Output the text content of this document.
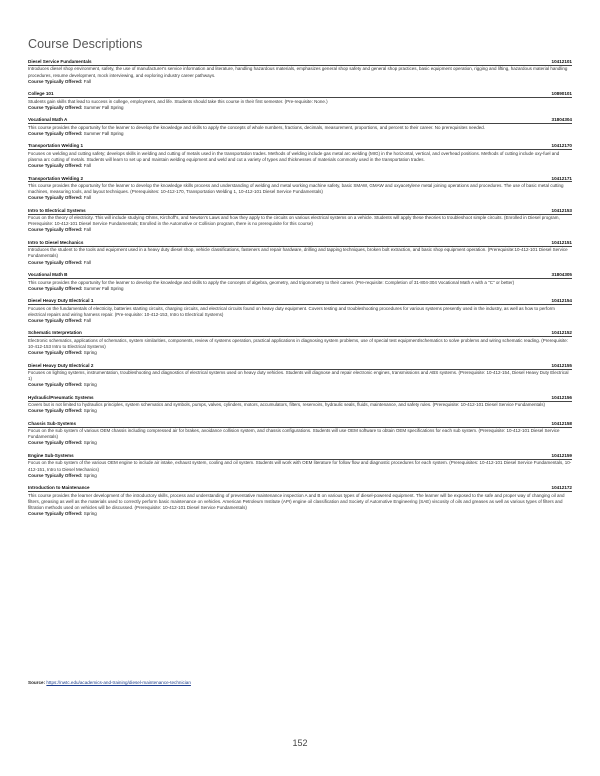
Course Descriptions
Diesel Service Fundamentals	10412101
Introduces diesel shop environment, safety, the use of manufacturer's service information and literature, handling hazardous materials, emphasizes general shop safety and general shop practices, basic equipment operation, rigging and lifting, hazardous material handling procedures, resume development, mock interviewing, and exploring industry career pathways.
Course Typically Offered: Fall
College 101	10890101
Students gain skills that lead to success in college, employment, and life. Students should take this course in their first semester. (Pre-requisite: None.)
Course Typically Offered: Summer Fall Spring
Vocational Math A	31804304
This course provides the opportunity for the learner to develop the knowledge and skills to apply the concepts of whole numbers, fractions, decimals, measurement, proportions, and percent to their career. No prerequisites needed.
Course Typically Offered: Summer Fall Spring
Transportation Welding 1	10412170
Focuses on welding and cutting safety; develops skills in welding and cutting of metals used in the transportation trades. Methods of welding include gas metal arc welding (MIG) in the horizontal, vertical, and overhead positions. Methods of cutting include oxy-fuel and plasma arc cutting of metals. Students will learn to set up and maintain welding equipment and weld and cut a variety of types and thicknesses of materials commonly used in the transportation trades.
Course Typically Offered: Fall
Transportation Welding 2	10412171
This course provides the opportunity for the learner to develop the knowledge skills process and understanding of welding and metal working machine safety, basic SMAW, GMAW and oxyacetylene metal joining operations and procedures. The use of basic metal cutting machines, measuring tools, and layout techniques. (Prerequisites: 10-412-170, Transportation Welding 1, 10-412-101 Diesel Service Fundamentals)
Course Typically Offered: Fall
Intro to Electrical Systems	10412153
Focus on the theory of electricity. This will include studying Ohms, Kirchoff's, and Newton's Laws and how they apply to the circuits on various electrical systems on a vehicle. Students will apply these theories to troubleshoot simple circuits. (Enrolled in Diesel program, Prerequisite: 10-412-101 Diesel Service Fundamentals; Enrolled in the Automotive or Collision program, there is no prerequisite for this course)
Course Typically Offered: Fall
Intro to Diesel Mechanics	10412151
Introduces the student to the tools and equipment used in a heavy duty diesel shop, vehicle classifications, fasteners and repair hardware, drilling and tapping techniques, broken bolt extraction, and basic shop equipment operation. (Prerequisite:10-412-101 Diesel Service Fundamentals)
Course Typically Offered: Fall
Vocational Math B	31804305
This course provides the opportunity for the learner to develop the knowledge and skills to apply the concepts of algebra, geometry, and trigonometry to their career. (Pre-requisite: Completion of 31-804-304 Vocational Math A with a "C" or better)
Course Typically Offered: Summer Fall Spring
Diesel Heavy Duty Electrical 1	10412154
Focuses on the fundamentals of electricity, batteries starting circuits, charging circuits, and electrical circuits found on heavy duty equipment. Covers testing and troubleshooting procedures for various systems presently used in the industry, as well as how to perform electrical repairs and wiring harness repair. (Pre-requisite: 10-412-153, Intro to Electrical Systems)
Course Typically Offered: Fall
Schematic Interpretation	10412152
Electronic schematics, applications of schematics, system similarities, components, review of systems operation, practical applications in diagnosing system problems, use of special test equipment/schematics to solve problems and wiring schematic reading. (Prerequisite: 10-412-153 Intro to Electrical Systems)
Course Typically Offered: Spring
Diesel Heavy Duty Electrical 2	10412155
Focuses on lighting systems, instrumentation, troubleshooting and diagnostics of electrical systems used on heavy duty vehicles. Students will diagnose and repair electronic engines, transmissions and ABS systems. (Prerequisite: 10-412-154, Diesel Heavy Duty Electrical 1)
Course Typically Offered: Spring
Hydraulic/Pneumatic Systems	10412156
Covers but is not limited to hydraulics principles, system schematics and symbols, pumps, valves, cylinders, motors, accumulators, filters, reservoirs, hydraulic seals, fluids, maintenance, and safety rules. (Prerequisite: 10-412-101 Diesel Service Fundamentals)
Course Typically Offered: Spring
Chassis Sub-Systems	10412158
Focus on the sub system of various OEM chassis including compressed air for brakes, avoidance collision system, and chassis configurations. Students will use OEM software to obtain OEM specifications for each sub system. (Prerequisite: 10-412-101 Diesel Service Fundamentals)
Course Typically Offered: Spring
Engine Sub-Systems	10412159
Focus on the sub system of the various OEM engine to include air intake, exhaust system, cooling and oil system. Students will work with OEM literature for follow flow and diagnostic procedures for each system. (Prerequisites: 10-412-101 Diesel Service Fundamentals, 10-412-151, Intro to Diesel Mechanics)
Course Typically Offered: Spring
Introduction to Maintenance	10412172
This course provides the learner development of the introductory skills, process and understanding of preventative maintenance inspection A and B on various types of diesel-powered equipment. The learner will be exposed to the safe and proper way of changing oil and filters, greasing as well as the materials used to correctly perform basic maintenance on vehicles. American Petroleum Institute (API) engine oil classification and Society of Automotive Engineering (SAE) viscosity of oils and greases as well as various types of filters and filtration methods used on vehicles will be discussed. (Prerequisite: 10-412-101 Diesel Service Fundamentals)
Course Typically Offered: Spring
Source: https://nwtc.edu/academics-and-training/diesel-maintenance-technician
152
